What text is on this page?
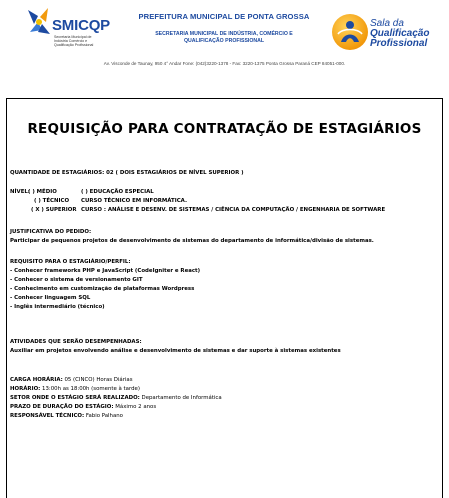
SMICQP
Secretaria Municipal de
Indústria Comércio e
Qualificação Profissional
PREFEITURA MUNICIPAL DE PONTA GROSSA
SECRETARIA MUNICIPAL DE INDÚSTRIA, COMÉRCIO E
QUALIFICAÇÃO PROFISSIONAL
Sala da
Qualificação
Profissional
Av. Visconde de Taunay, 950 4° Andar Fone: (042)3220-1378 - Fax: 3220-1375 Ponta Grossa Paraná CEP 84051-000.
REQUISIÇÃO PARA CONTRATAÇÃO DE ESTAGIÁRIOS
QUANTIDADE DE ESTAGIÁRIOS: 02 ( DOIS ESTAGIÁRIOS DE NÍVEL SUPERIOR )
NÍVEL:
( ) MÉDIO	( ) EDUCAÇÃO ESPECIAL
( ) TÉCNICO CURSO TÉCNICO EM INFORMÁTICA.
( X ) SUPERIOR CURSO : ANÁLISE E DESENV. DE SISTEMAS / CIÊNCIA DA COMPUTAÇÃO / ENGENHARIA DE SOFTWARE
JUSTIFICATIVA DO PEDIDO:
Participar de pequenos projetos de desenvolvimento de sistemas do departamento de informática/divisão de sistemas.
REQUISITO PARA O ESTAGIÁRIO/PERFIL:
- Conhecer frameworks PHP e JavaScript (CodeIgniter e React)
- Conhecer o sistema de versionamento GIT
- Conhecimento em customização de plataformas Wordpress
- Conhecer linguagem SQL
- Inglês intermediário (técnico)
ATIVIDADES QUE SERÃO DESEMPENHADAS:
Auxiliar em projetos envolvendo análise e desenvolvimento de sistemas e dar suporte à sistemas existentes
CARGA HORÁRIA: 05 (CINCO) Horas Diárias
HORÁRIO: 13:00h as 18:00h (somente à tarde)
SETOR ONDE O ESTÁGIO SERÁ REALIZADO: Departamento de Informática
PRAZO DE DURAÇÃO DO ESTÁGIO: Máximo 2 anos
RESPONSÁVEL TÉCNICO: Fabio Palhano
